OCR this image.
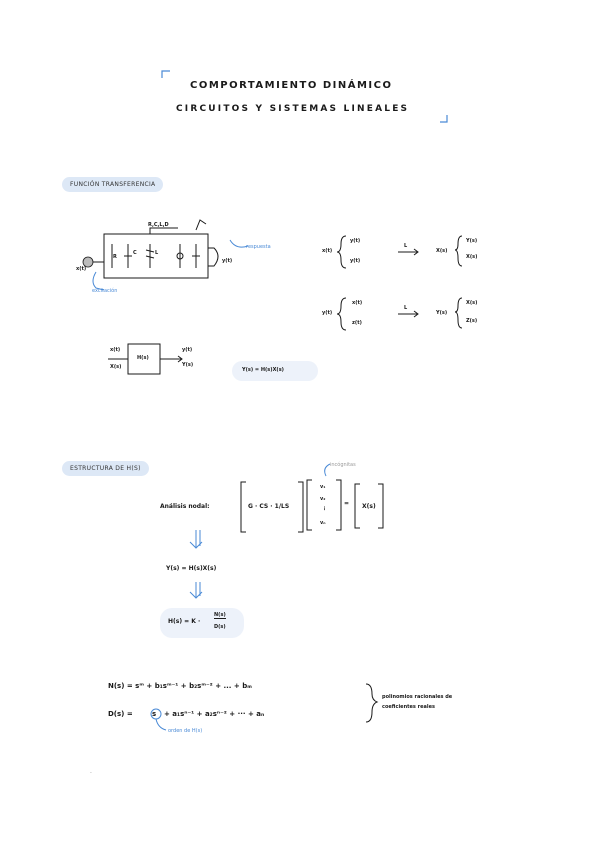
COMPORTAMIENTO DINÁMICO
CIRCUITOS Y SISTEMAS LINEALES
FUNCIÓN TRANSFERENCIA
R,C,L,D
excitación
respuesta
x(t)
y(t)
R
C	L
x(t)
X(s)
H(s)
y(t)
Y(s)
Y(s) = H(s)X(s)
x(t)
y(t)
y(t)
L
X(s)
Y(s)
X(s)
y(t)
x(t)
z(t)
L
Y(s)
X(s)
Z(s)
ESTRUCTURA DE H(S)	incógnitas
Análisis nodal:	G · CS · 1/LS
v₁
v₂
⋮
vₙ
= X(s)
Y(s) = H(s)X(s)
H(s) = K ·
N(s)
D(s)
N(s) = sᵐ + b₁sᵐ⁻¹ + b₂sᵐ⁻² + ... + bₘ
D(s) =	s + a₁sⁿ⁻¹ + a₂sⁿ⁻² + ··· + aₙ
polinomios racionales de
coeficientes reales
orden de H(s)
-
